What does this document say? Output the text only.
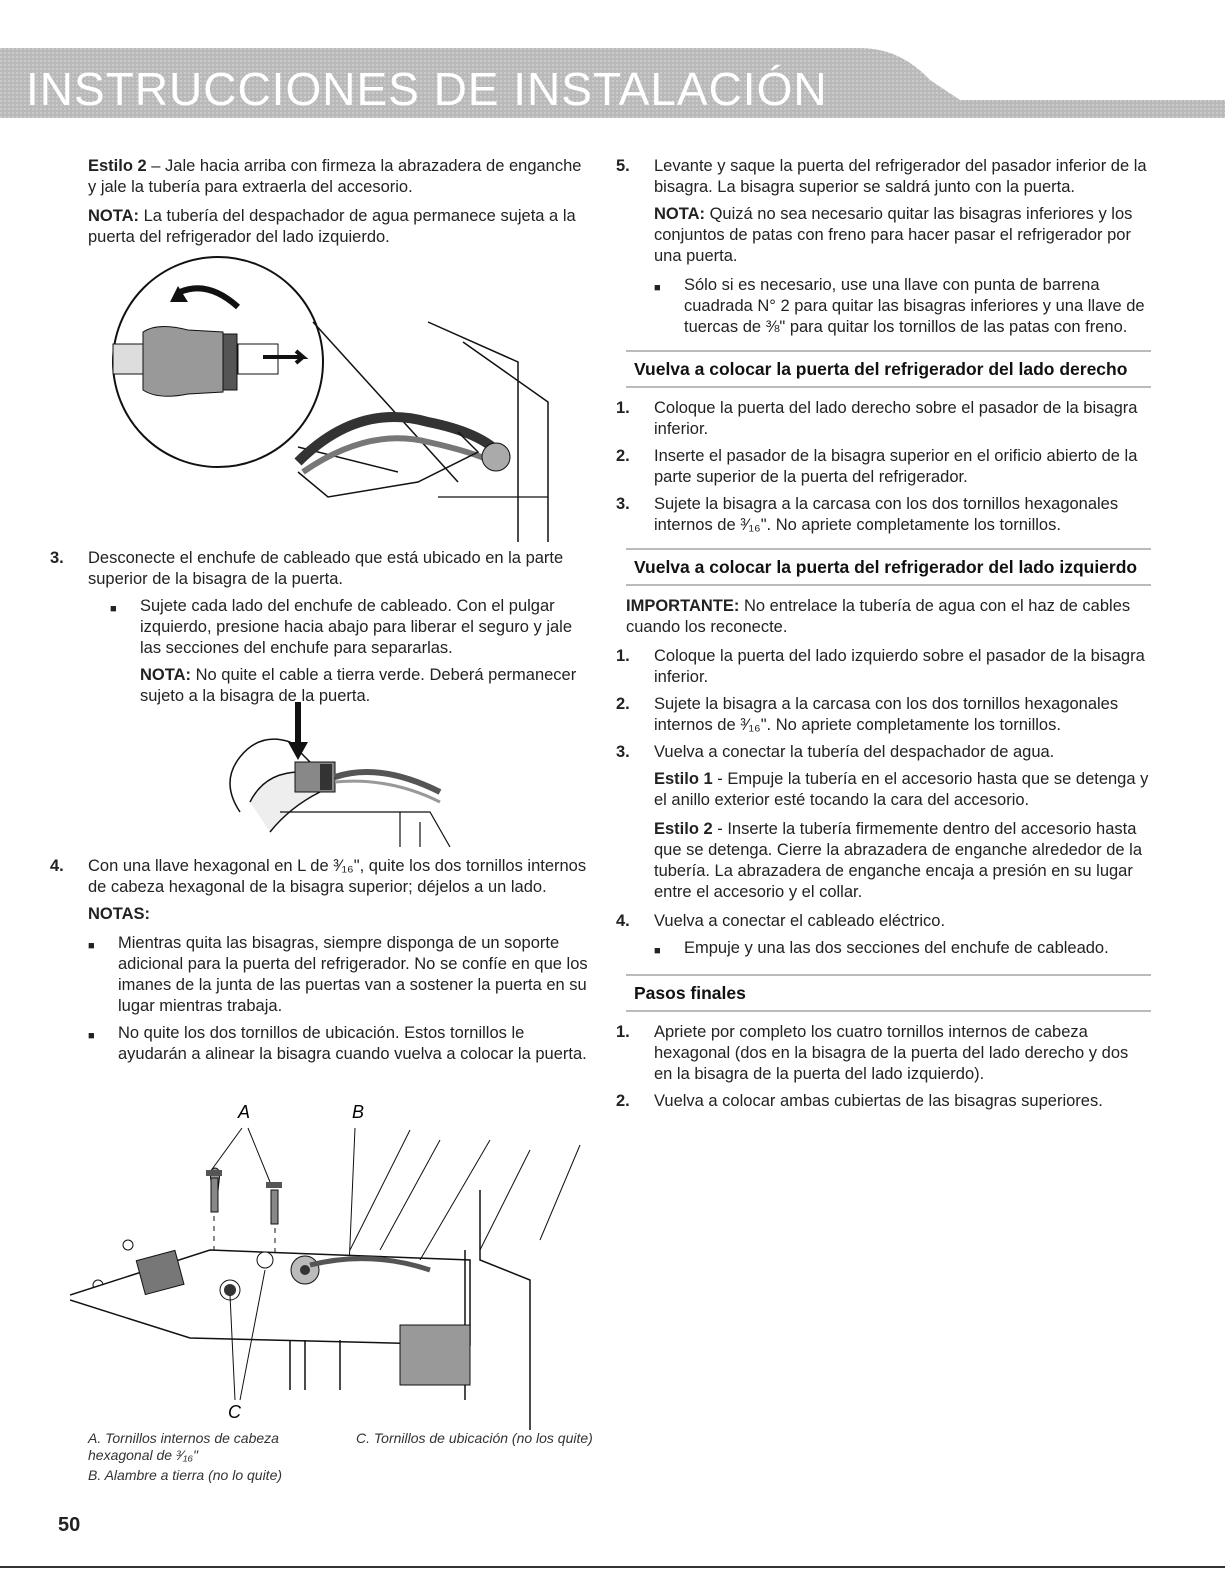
INSTRUCCIONES DE INSTALACIÓN

Estilo 2 – Jale hacia arriba con firmeza la abrazadera de enganche y jale la tubería para extraerla del accesorio.

NOTA: La tubería del despachador de agua permanece sujeta a la puerta del refrigerador del lado izquierdo.

3.	Desconecte el enchufe de cableado que está ubicado en la parte superior de la bisagra de la puerta.
■	Sujete cada lado del enchufe de cableado. Con el pulgar izquierdo, presione hacia abajo para liberar el seguro y jale las secciones del enchufe para separarlas.

NOTA: No quite el cable a tierra verde. Deberá permanecer sujeto a la bisagra de la puerta.

4.	Con una llave hexagonal en L de ³⁄₁₆", quite los dos tornillos internos de cabeza hexagonal de la bisagra superior; déjelos a un lado.

NOTAS:

■	Mientras quita las bisagras, siempre disponga de un soporte adicional para la puerta del refrigerador. No se confíe en que los imanes de la junta de las puertas van a sostener la puerta en su lugar mientras trabaja.
■	No quite los dos tornillos de ubicación. Estos tornillos le ayudarán a alinear la bisagra cuando vuelva a colocar la puerta.
A	B
C
A. Tornillos internos de cabeza hexagonal de ³⁄₁₆"
B. Alambre a tierra (no lo quite)
C. Tornillos de ubicación (no los quite)
5.	Levante y saque la puerta del refrigerador del pasador inferior de la bisagra. La bisagra superior se saldrá junto con la puerta.

NOTA: Quizá no sea necesario quitar las bisagras inferiores y los conjuntos de patas con freno para hacer pasar el refrigerador por una puerta.

■	Sólo si es necesario, use una llave con punta de barrena cuadrada N° 2 para quitar las bisagras inferiores y una llave de tuercas de ⅜" para quitar los tornillos de las patas con freno.
Vuelva a colocar la puerta del refrigerador del lado derecho
1.	Coloque la puerta del lado derecho sobre el pasador de la bisagra inferior.
2.	Inserte el pasador de la bisagra superior en el orificio abierto de la parte superior de la puerta del refrigerador.
3.	Sujete la bisagra a la carcasa con los dos tornillos hexagonales internos de ³⁄₁₆". No apriete completamente los tornillos.
Vuelva a colocar la puerta del refrigerador del lado izquierdo

IMPORTANTE: No entrelace la tubería de agua con el haz de cables cuando los reconecte.

1.	Coloque la puerta del lado izquierdo sobre el pasador de la bisagra inferior.
2.	Sujete la bisagra a la carcasa con los dos tornillos hexagonales internos de ³⁄₁₆". No apriete completamente los tornillos.
3.	Vuelva a conectar la tubería del despachador de agua.

Estilo 1 - Empuje la tubería en el accesorio hasta que se detenga y el anillo exterior esté tocando la cara del accesorio.

Estilo 2 - Inserte la tubería firmemente dentro del accesorio hasta que se detenga. Cierre la abrazadera de enganche alrededor de la tubería. La abrazadera de enganche encaja a presión en su lugar entre el accesorio y el collar.

4.	Vuelva a conectar el cableado eléctrico.
■	Empuje y una las dos secciones del enchufe de cableado.
Pasos finales
1.	Apriete por completo los cuatro tornillos internos de cabeza hexagonal (dos en la bisagra de la puerta del lado derecho y dos en la bisagra de la puerta del lado izquierdo).
2.	Vuelva a colocar ambas cubiertas de las bisagras superiores.
50
